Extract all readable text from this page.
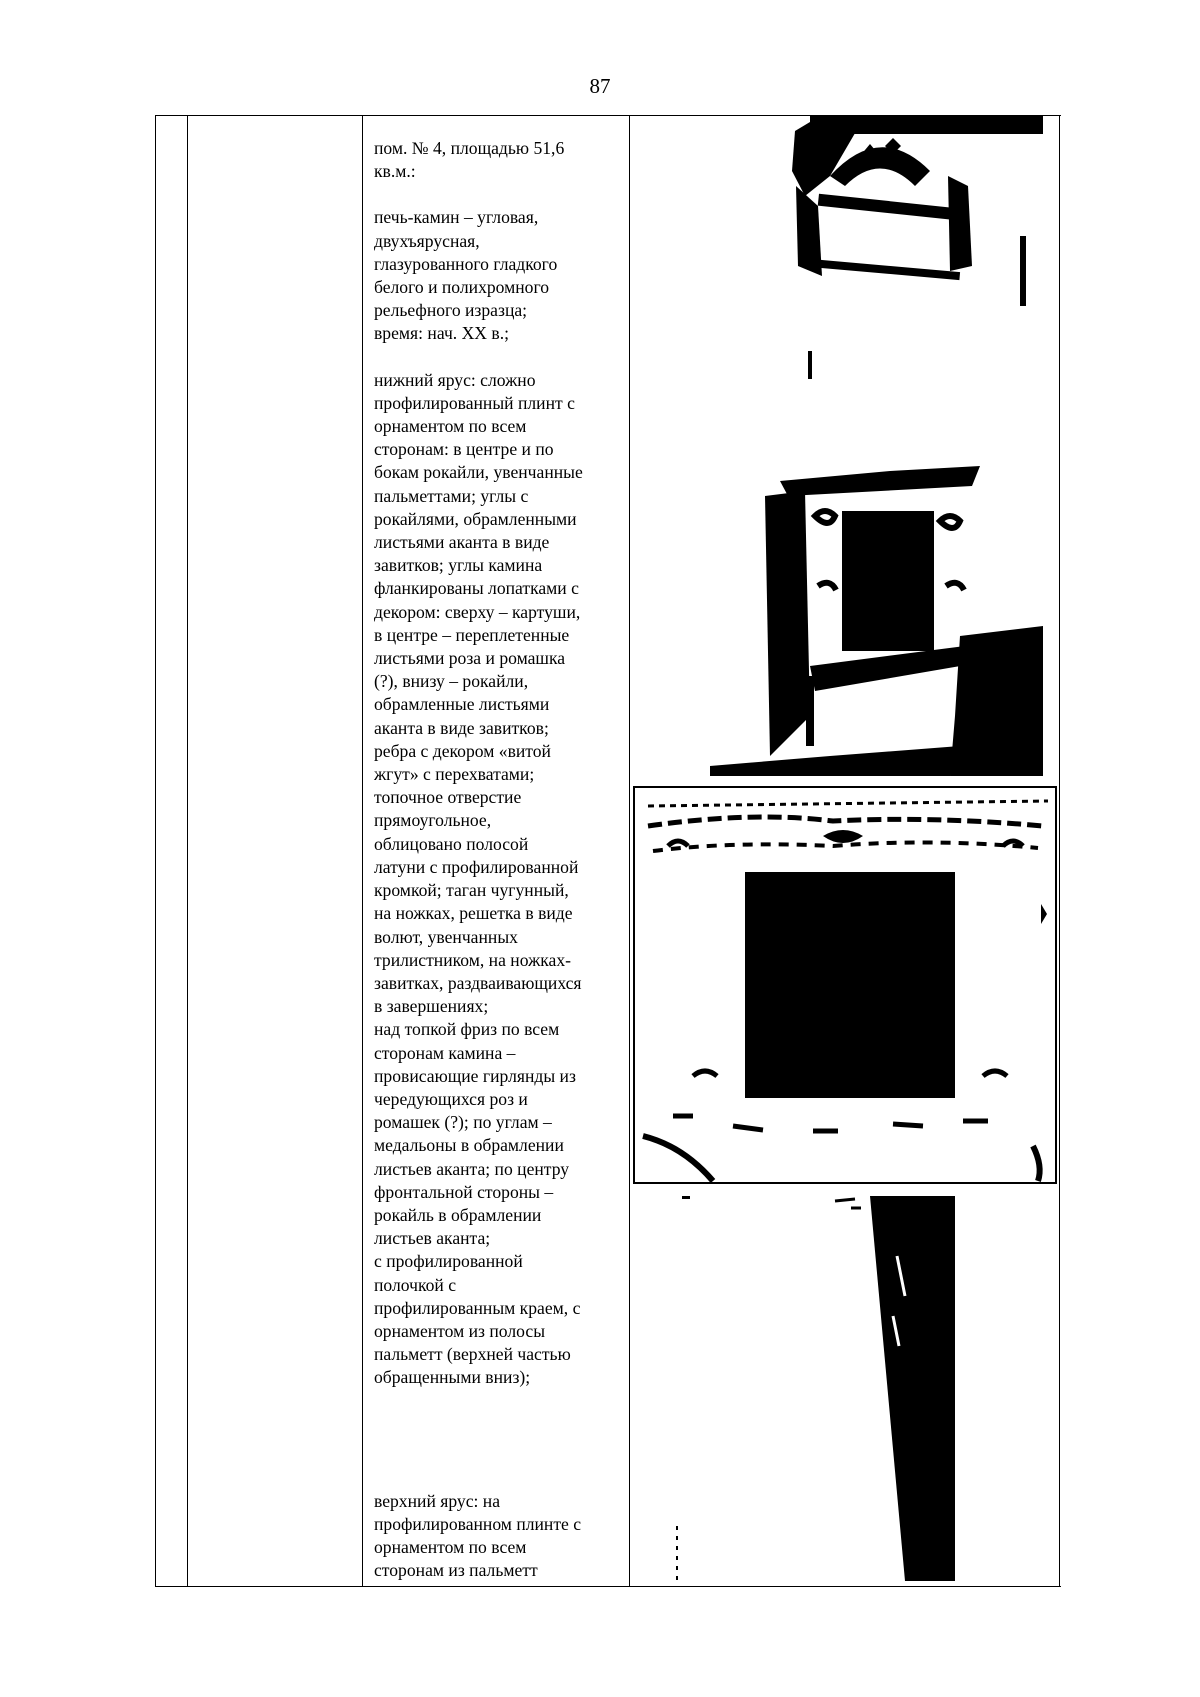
87

пом. № 4, площадью 51,6
кв.м.:

печь-камин – угловая,
двухъярусная,
глазурованного гладкого
белого и полихромного
рельефного изразца;
время: нач. XX в.;

нижний ярус: сложно
профилированный плинт с
орнаментом по всем
сторонам: в центре и по
бокам рокайли, увенчанные
пальметтами; углы с
рокайлями, обрамленными
листьями аканта в виде
завитков; углы камина
фланкированы лопатками с
декором: сверху – картуши,
в центре – переплетенные
листьями роза и ромашка
(?), внизу – рокайли,
обрамленные листьями
аканта в виде завитков;
ребра с декором «витой
жгут» с перехватами;
топочное отверстие
прямоугольное,
облицовано полосой
латуни с профилированной
кромкой; таган чугунный,
на ножках, решетка в виде
волют, увенчанных
трилистником, на ножках-
завитках, раздваивающихся
в завершениях;
над топкой фриз по всем
сторонам камина –
провисающие гирлянды из
чередующихся роз и
ромашек (?); по углам –
медальоны в обрамлении
листьев аканта; по центру
фронтальной стороны –
рокайль в обрамлении
листьев аканта;
с профилированной
полочкой с
профилированным краем, с
орнаментом из полосы
пальметт (верхней частью
обращенными вниз);

верхний ярус: на
профилированном плинте с
орнаментом по всем
сторонам из пальметт
